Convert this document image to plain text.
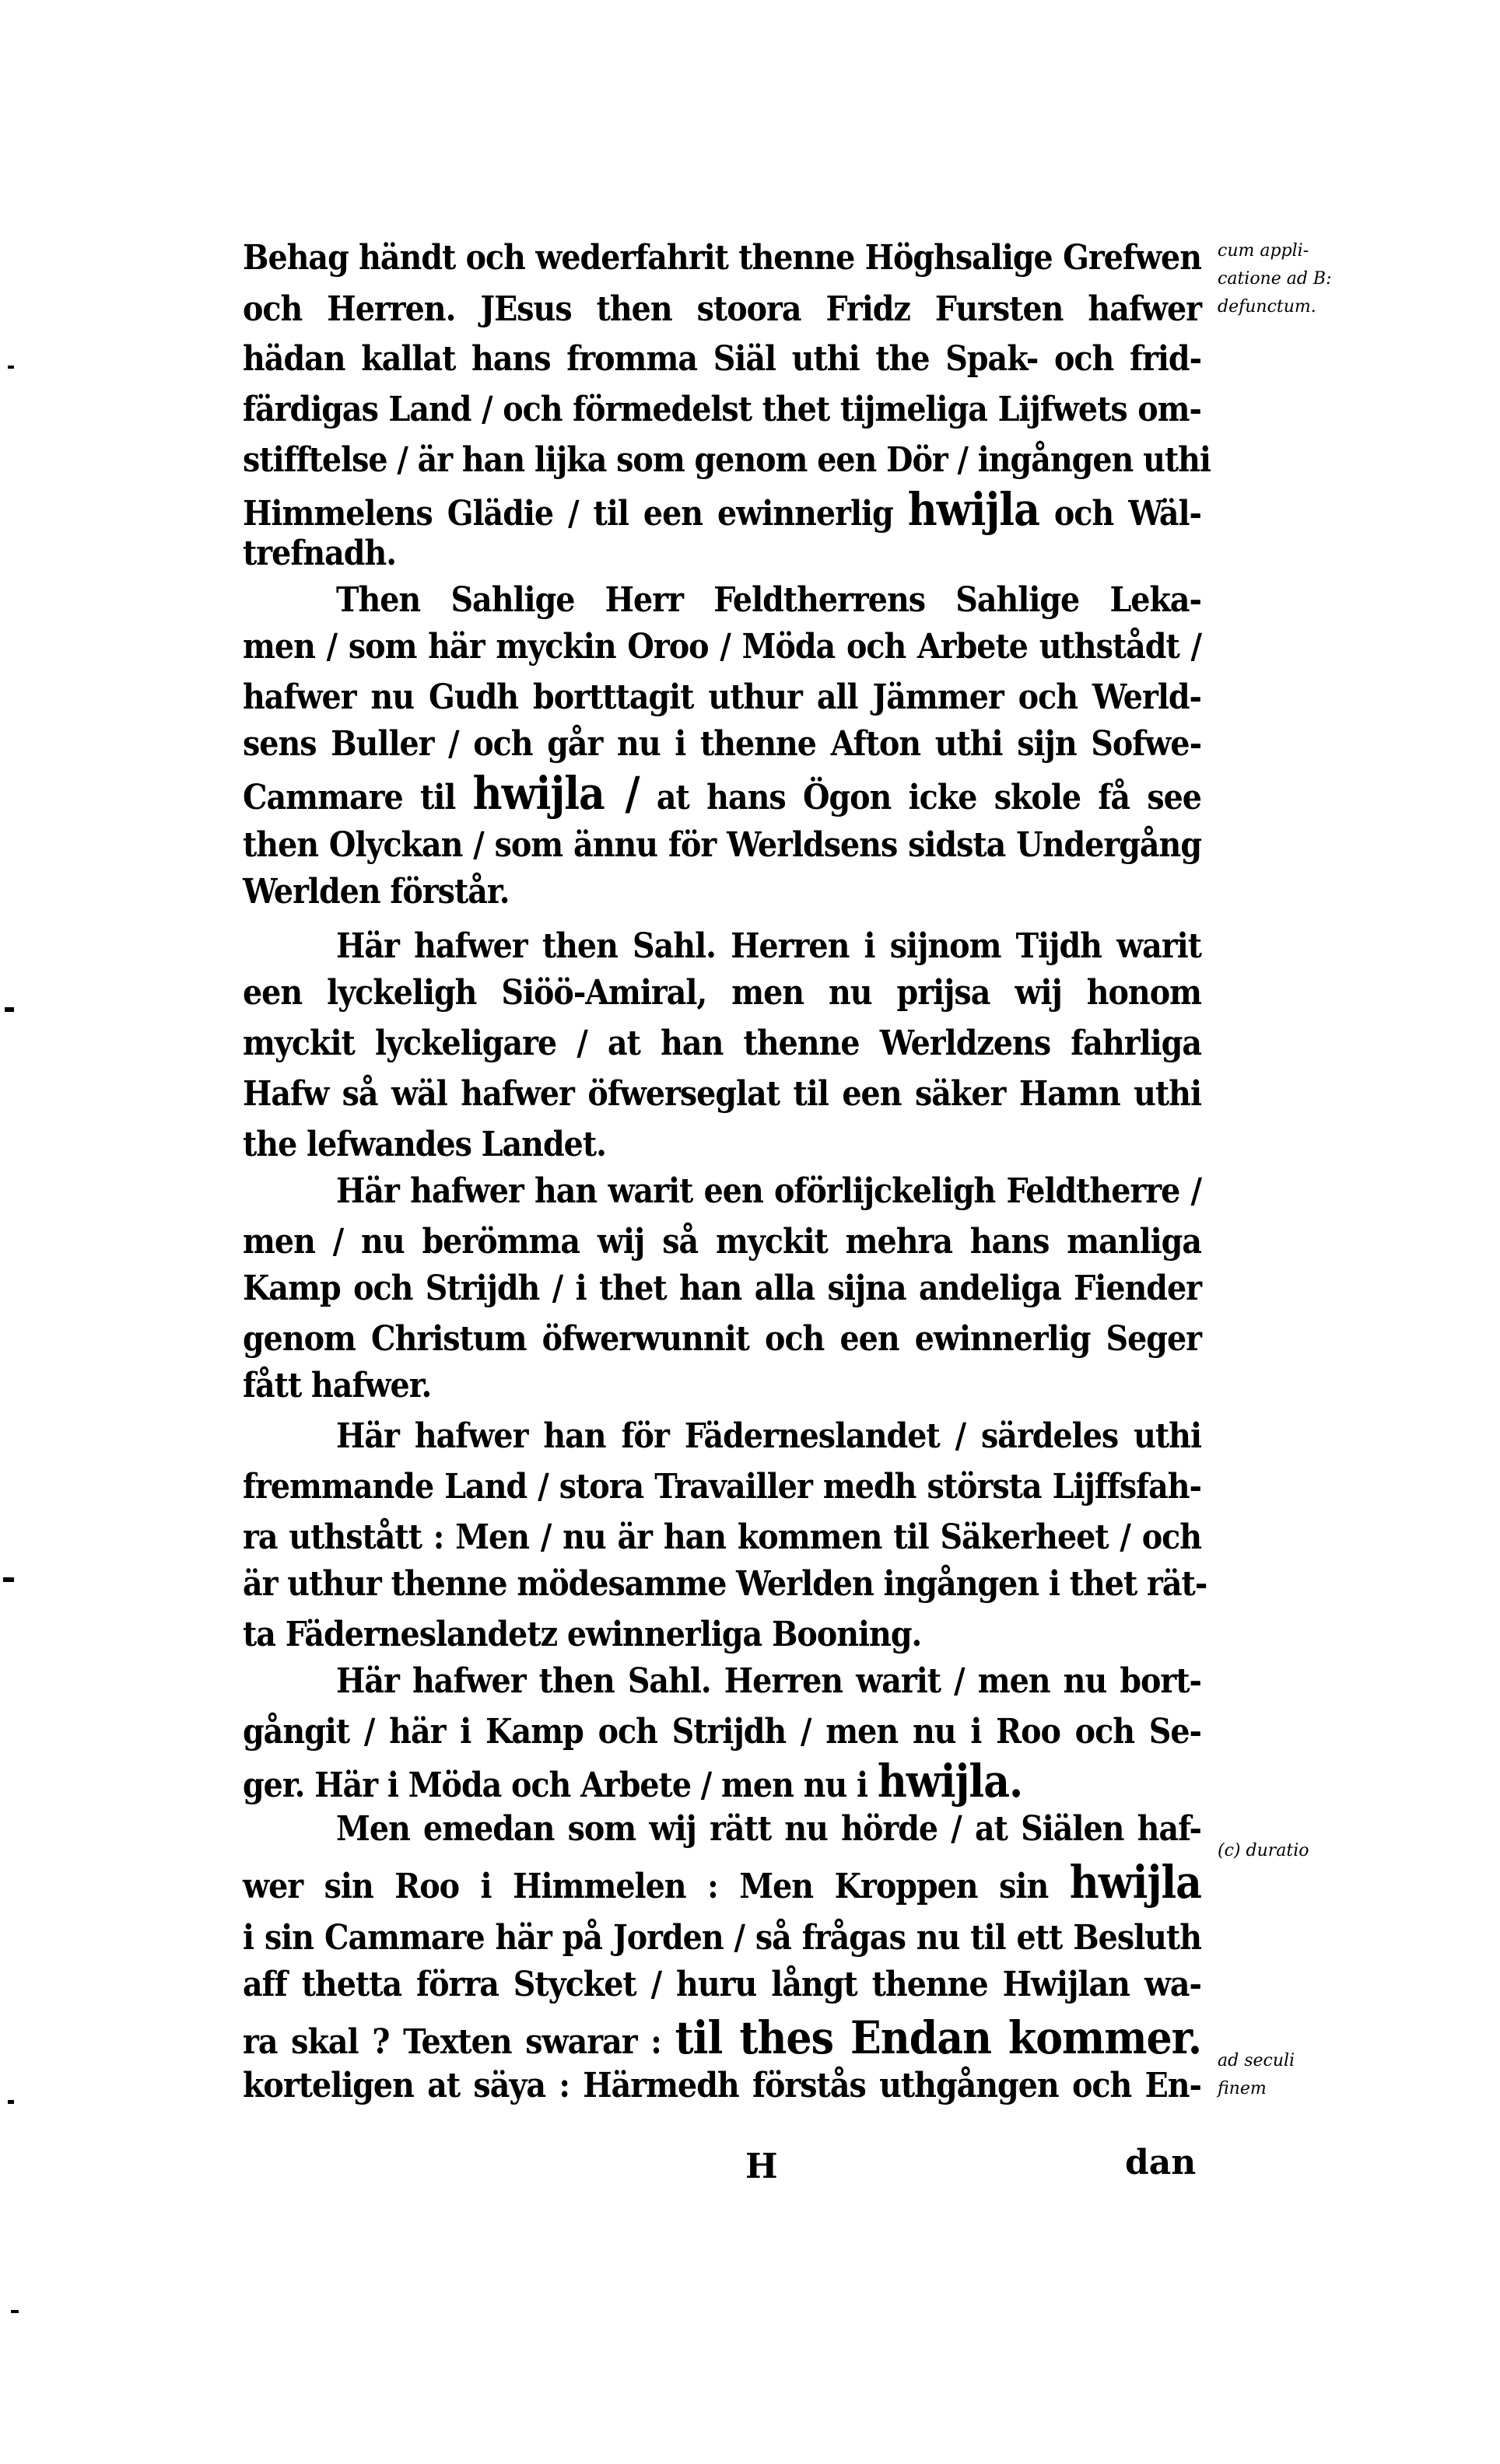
Behag händt och wederfahrit thenne Höghsalige Grefwen
och Herren. JEsus then stoora Fridz Fursten hafwer
hädan kallat hans fromma Siäl uthi the Spak- och frid-
färdigas Land / och förmedelst thet tijmeliga Lijfwets om-
stifftelse / är han lijka som genom een Dör / ingången uthi
Himmelens Glädie / til een ewinnerlig hwijla och Wäl-
trefnadh.
Then Sahlige Herr Feldtherrens Sahlige Leka-
men / som här myckin Oroo / Möda och Arbete uthstådt /
hafwer nu Gudh bortttagit uthur all Jämmer och Werld-
sens Buller / och går nu i thenne Afton uthi sijn Sofwe-
Cammare til hwijla / at hans Ögon icke skole få see
then Olyckan / som ännu för Werldsens sidsta Undergång
Werlden förstår.
Här hafwer then Sahl. Herren i sijnom Tijdh warit
een lyckeligh Siöö-Amiral, men nu prijsa wij honom
myckit lyckeligare / at han thenne Werldzens fahrliga
Hafw så wäl hafwer öfwerseglat til een säker Hamn uthi
the lefwandes Landet.
Här hafwer han warit een oförlijckeligh Feldtherre /
men / nu berömma wij så myckit mehra hans manliga
Kamp och Strijdh / i thet han alla sijna andeliga Fiender
genom Christum öfwerwunnit och een ewinnerlig Seger
fått hafwer.
Här hafwer han för Fäderneslandet / särdeles uthi
fremmande Land / stora Travailler medh största Lijffsfah-
ra uthstått : Men / nu är han kommen til Säkerheet / och
är uthur thenne mödesamme Werlden ingången i thet rät-
ta Fäderneslandetz ewinnerliga Booning.
Här hafwer then Sahl. Herren warit / men nu bort-
gångit / här i Kamp och Strijdh / men nu i Roo och Se-
ger. Här i Möda och Arbete / men nu i hwijla.
Men emedan som wij rätt nu hörde / at Siälen haf-
wer sin Roo i Himmelen : Men Kroppen sin hwijla
i sin Cammare här på Jorden / så frågas nu til ett Besluth
aff thetta förra Stycket / huru långt thenne Hwijlan wa-
ra skal ? Texten swarar : til thes Endan kommer.
korteligen at säya : Härmedh förstås uthgången och En-
cum appli-
catione ad B:
defunctum.
(c) duratio
ad seculi
finem
H	dan
